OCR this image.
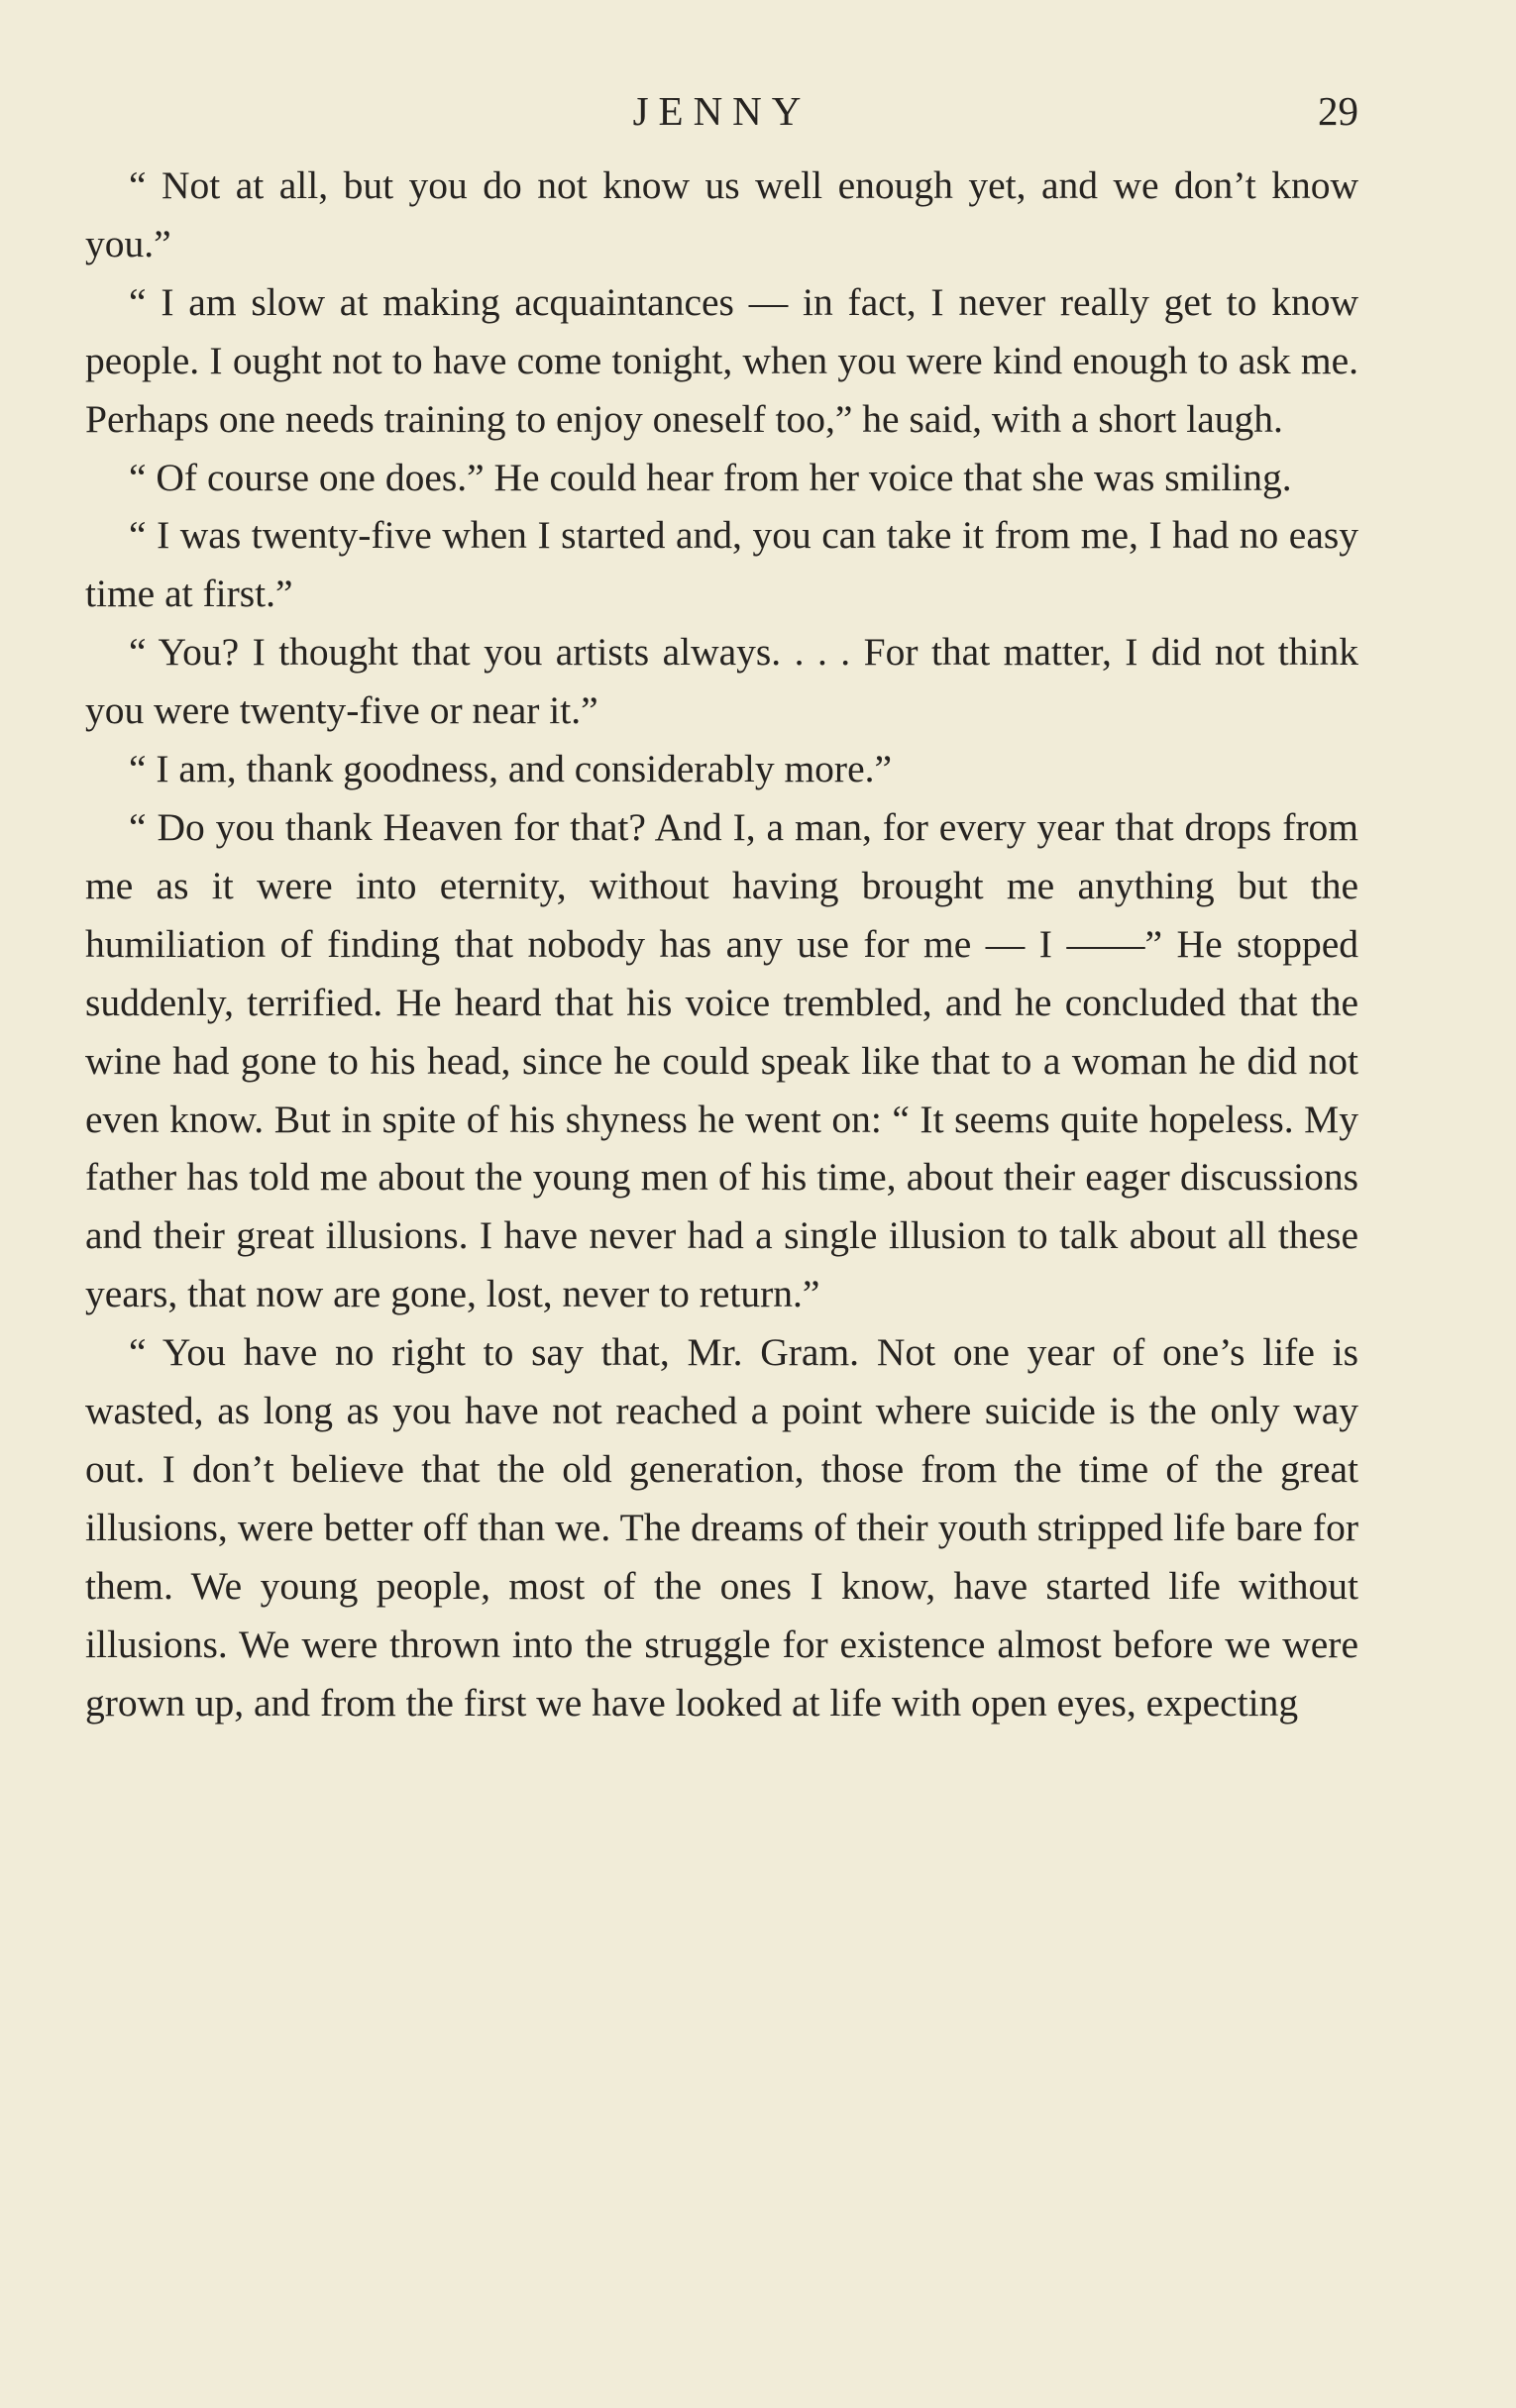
JENNY	29

“ Not at all, but you do not know us well enough yet, and we don’t know you.”

“ I am slow at making acquaintances — in fact, I never really get to know people. I ought not to have come tonight, when you were kind enough to ask me. Perhaps one needs training to enjoy oneself too,” he said, with a short laugh.

“ Of course one does.” He could hear from her voice that she was smiling.

“ I was twenty-five when I started and, you can take it from me, I had no easy time at first.”

“ You? I thought that you artists always. . . . For that matter, I did not think you were twenty-five or near it.”

“ I am, thank goodness, and considerably more.”

“ Do you thank Heaven for that? And I, a man, for every year that drops from me as it were into eternity, without having brought me anything but the humiliation of finding that nobody has any use for me — I ——” He stopped suddenly, terrified. He heard that his voice trembled, and he concluded that the wine had gone to his head, since he could speak like that to a woman he did not even know. But in spite of his shyness he went on: “ It seems quite hopeless. My father has told me about the young men of his time, about their eager discussions and their great illusions. I have never had a single illusion to talk about all these years, that now are gone, lost, never to return.”

“ You have no right to say that, Mr. Gram. Not one year of one’s life is wasted, as long as you have not reached a point where suicide is the only way out. I don’t believe that the old generation, those from the time of the great illusions, were better off than we. The dreams of their youth stripped life bare for them. We young people, most of the ones I know, have started life without illusions. We were thrown into the struggle for existence almost before we were grown up, and from the first we have looked at life with open eyes, expecting
